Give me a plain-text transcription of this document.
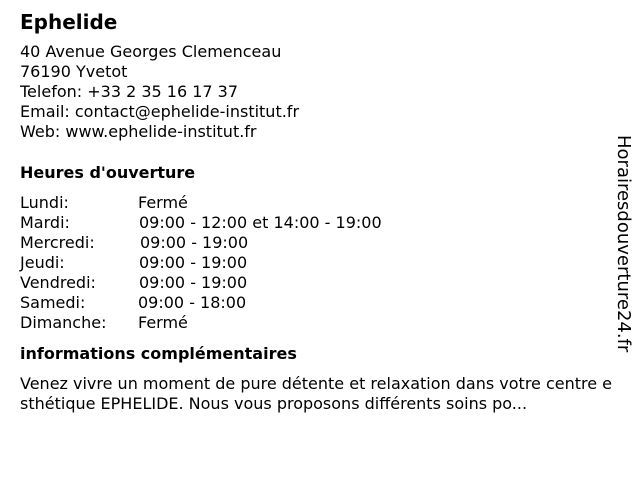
Ephelide
40 Avenue Georges Clemenceau
76190 Yvetot
Telefon: +33 2 35 16 17 37
Email: contact@ephelide-institut.fr
Web: www.ephelide-institut.fr
Heures d'ouverture
Lundi:	Fermé
Mardi:	09:00 - 12:00 et 14:00 - 19:00
Mercredi:	09:00 - 19:00
Jeudi:	09:00 - 19:00
Vendredi:	09:00 - 19:00
Samedi:	09:00 - 18:00
Dimanche:	Fermé
informations complémentaires

Venez vivre un moment de pure détente et relaxation dans votre centre esthétique EPHELIDE. Nous vous proposons différents soins po...

Horairesdouverture24.fr
